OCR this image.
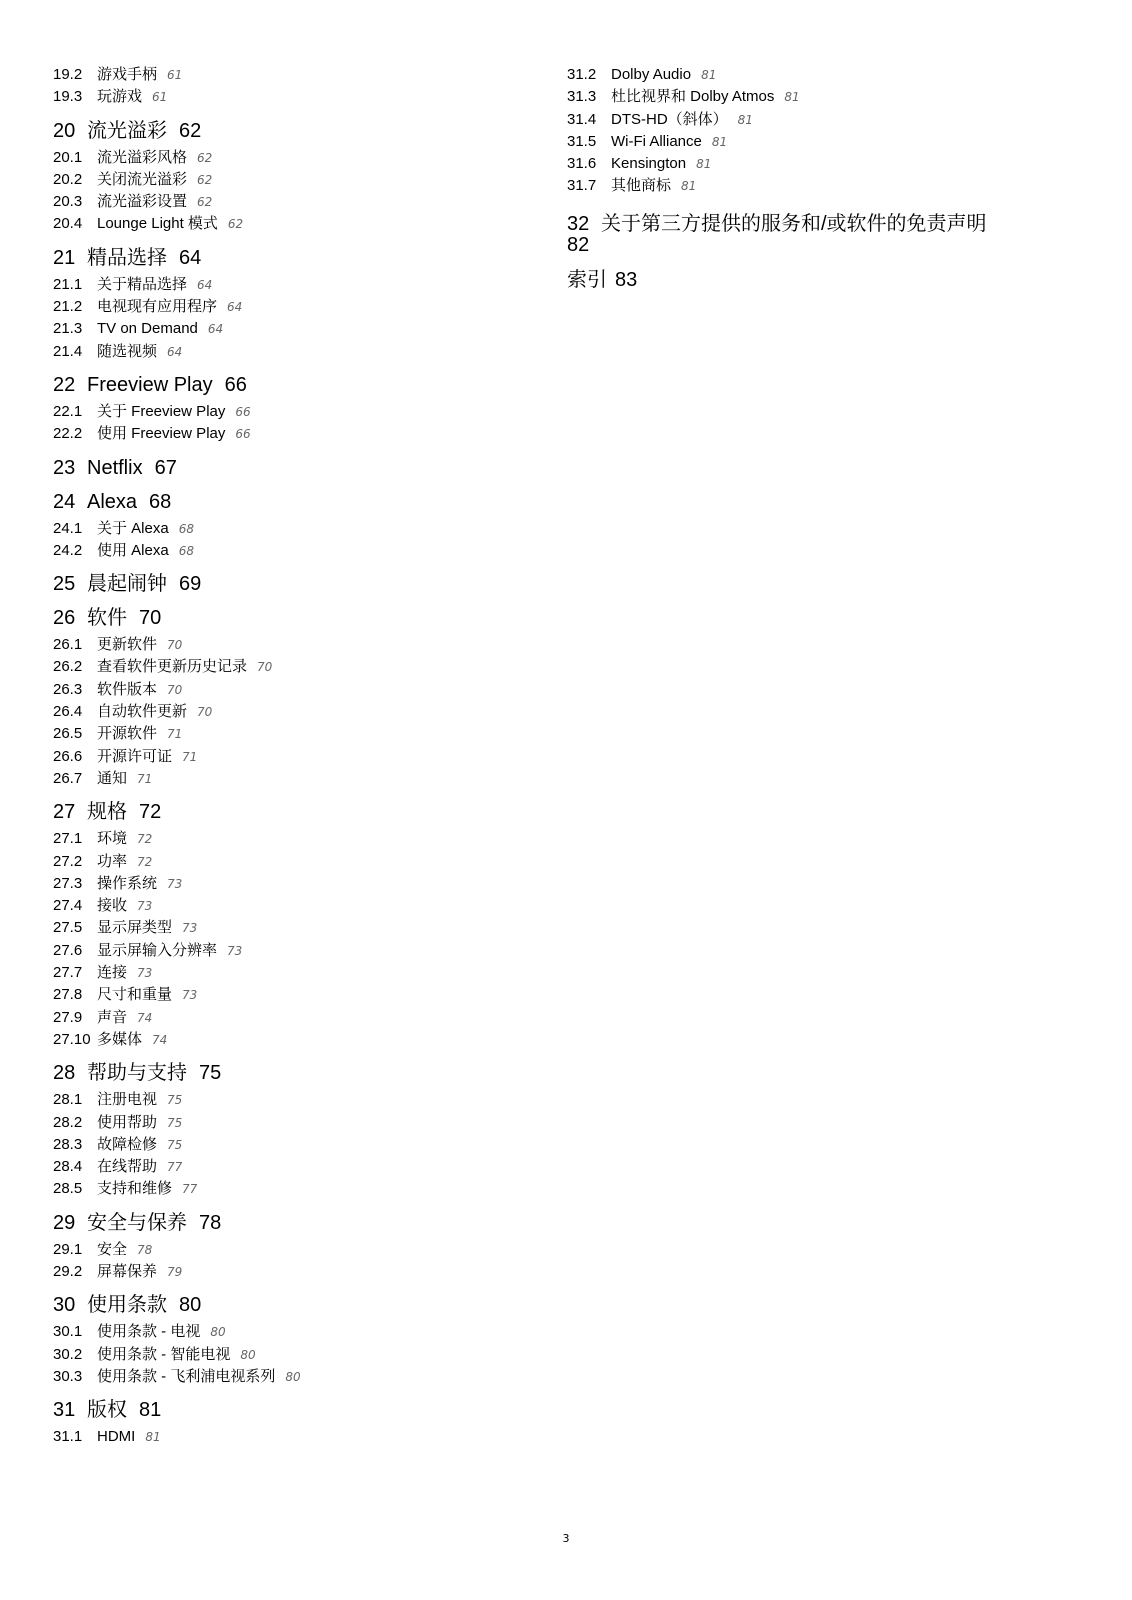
19.2 游戏手柄 61
19.3 玩游戏 61
20 流光溢彩 62
20.1 流光溢彩风格 62
20.2 关闭流光溢彩 62
20.3 流光溢彩设置 62
20.4 Lounge Light 模式 62
21 精品选择 64
21.1 关于精品选择 64
21.2 电视现有应用程序 64
21.3 TV on Demand 64
21.4 随选视频 64
22 Freeview Play 66
22.1 关于 Freeview Play 66
22.2 使用 Freeview Play 66
23 Netflix 67
24 Alexa 68
24.1 关于 Alexa 68
24.2 使用 Alexa 68
25 晨起闹钟 69
26 软件 70
26.1 更新软件 70
26.2 查看软件更新历史记录 70
26.3 软件版本 70
26.4 自动软件更新 70
26.5 开源软件 71
26.6 开源许可证 71
26.7 通知 71
27 规格 72
27.1 环境 72
27.2 功率 72
27.3 操作系统 73
27.4 接收 73
27.5 显示屏类型 73
27.6 显示屏输入分辨率 73
27.7 连接 73
27.8 尺寸和重量 73
27.9 声音 74
27.10 多媒体 74
28 帮助与支持 75
28.1 注册电视 75
28.2 使用帮助 75
28.3 故障检修 75
28.4 在线帮助 77
28.5 支持和维修 77
29 安全与保养 78
29.1 安全 78
29.2 屏幕保养 79
30 使用条款 80
30.1 使用条款 - 电视 80
30.2 使用条款 - 智能电视 80
30.3 使用条款 - 飞利浦电视系列 80
31 版权 81
31.1 HDMI 81
31.2 Dolby Audio 81
31.3 杜比视界和 Dolby Atmos 81
31.4 DTS-HD（斜体） 81
31.5 Wi-Fi Alliance 81
31.6 Kensington 81
31.7 其他商标 81
32 关于第三方提供的服务和/或软件的免责声明
82
索引 83
3
